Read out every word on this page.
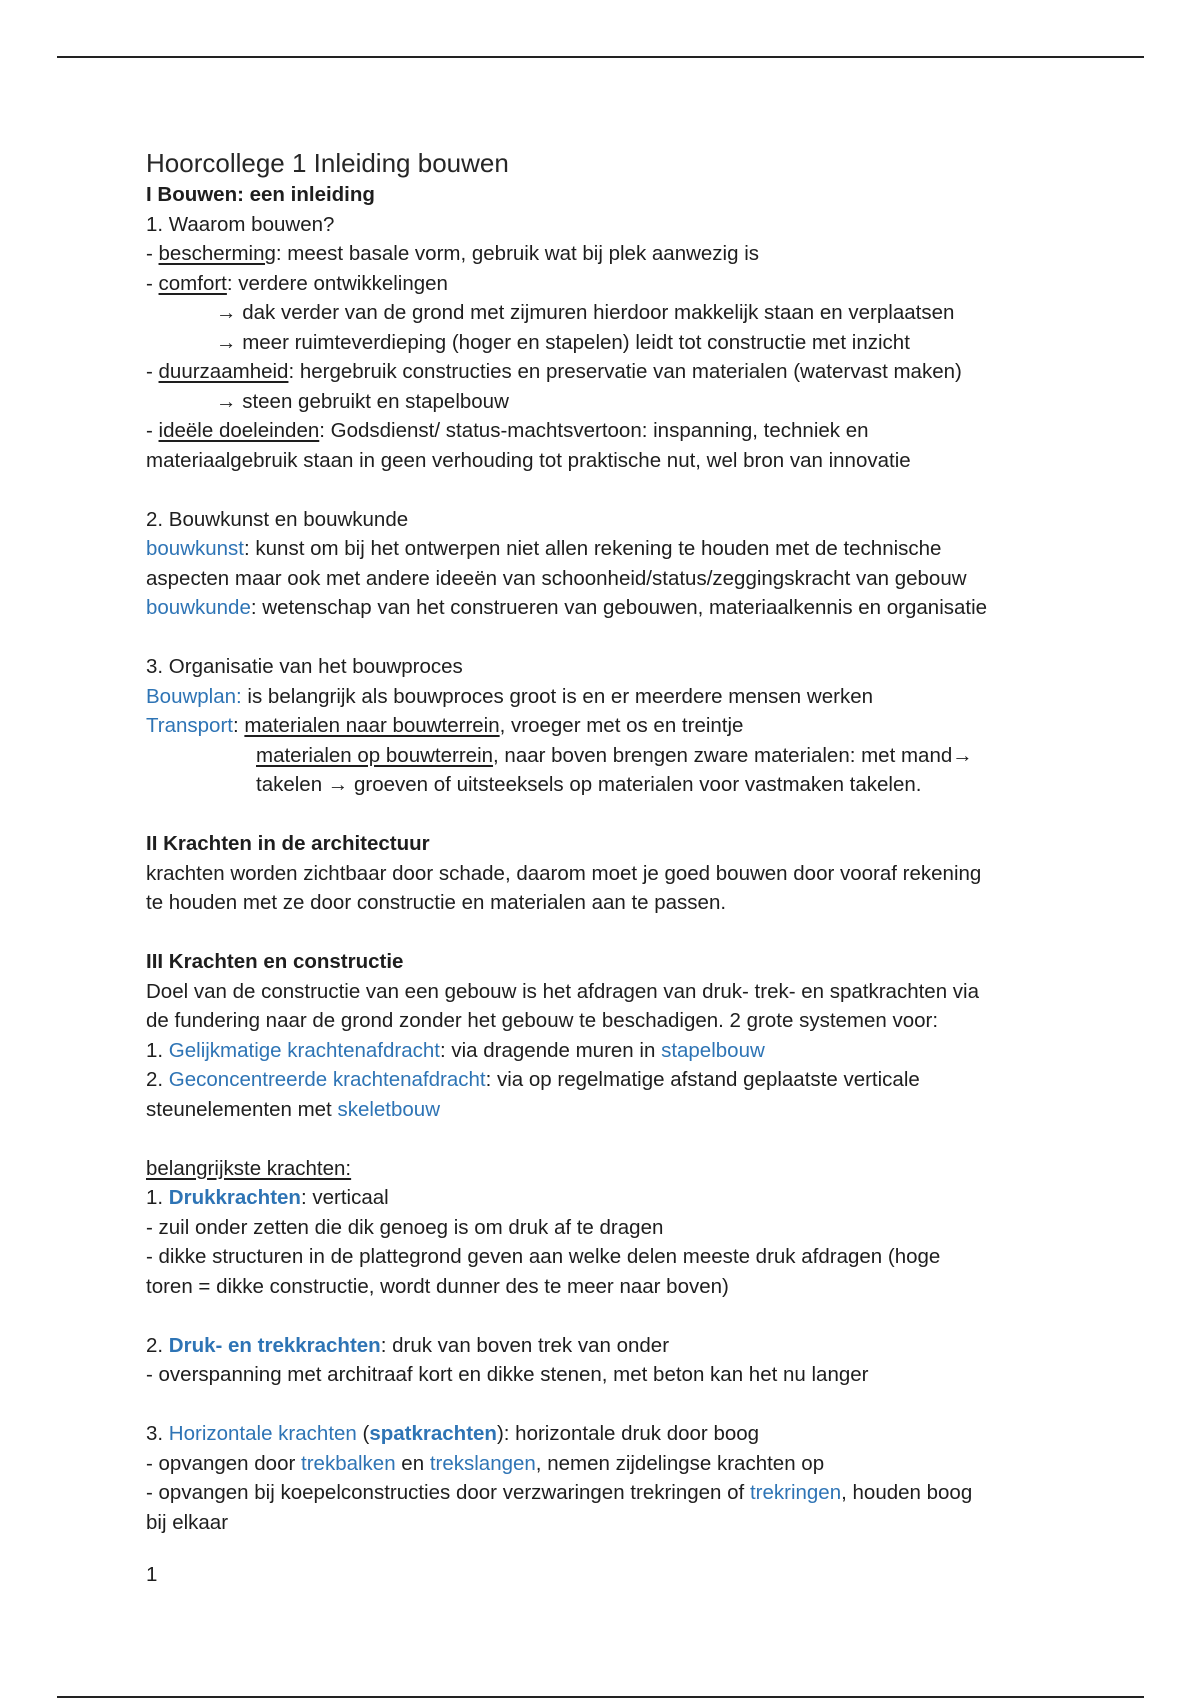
Hoorcollege 1 Inleiding bouwen

I Bouwen: een inleiding

1. Waarom bouwen?

- bescherming: meest basale vorm, gebruik wat bij plek aanwezig is

- comfort: verdere ontwikkelingen

→ dak verder van de grond met zijmuren hierdoor makkelijk staan en verplaatsen

→ meer ruimteverdieping (hoger en stapelen) leidt tot constructie met inzicht

- duurzaamheid: hergebruik constructies en preservatie van materialen (watervast maken)

→ steen gebruikt en stapelbouw

- ideële doeleinden: Godsdienst/ status-machtsvertoon: inspanning, techniek en

materiaalgebruik staan in geen verhouding tot praktische nut, wel bron van innovatie

2. Bouwkunst en bouwkunde

bouwkunst: kunst om bij het ontwerpen niet allen rekening te houden met de technische

aspecten maar ook met andere ideeën van schoonheid/status/zeggingskracht van gebouw

bouwkunde: wetenschap van het construeren van gebouwen, materiaalkennis en organisatie

3. Organisatie van het bouwproces

Bouwplan: is belangrijk als bouwproces groot is en er meerdere mensen werken

Transport: materialen naar bouwterrein, vroeger met os en treintje

materialen op bouwterrein, naar boven brengen zware materialen: met mand→

takelen → groeven of uitsteeksels op materialen voor vastmaken takelen.

II Krachten in de architectuur

krachten worden zichtbaar door schade, daarom moet je goed bouwen door vooraf rekening

te houden met ze door constructie en materialen aan te passen.

III Krachten en constructie

Doel van de constructie van een gebouw is het afdragen van druk- trek- en spatkrachten via

de fundering naar de grond zonder het gebouw te beschadigen. 2 grote systemen voor:

1. Gelijkmatige krachtenafdracht: via dragende muren in stapelbouw

2. Geconcentreerde krachtenafdracht: via op regelmatige afstand geplaatste verticale

steunelementen met skeletbouw

belangrijkste krachten:

1. Drukkrachten: verticaal

- zuil onder zetten die dik genoeg is om druk af te dragen

- dikke structuren in de plattegrond geven aan welke delen meeste druk afdragen (hoge

toren = dikke constructie, wordt dunner des te meer naar boven)

2. Druk- en trekkrachten: druk van boven trek van onder

- overspanning met architraaf kort en dikke stenen, met beton kan het nu langer

3. Horizontale krachten (spatkrachten): horizontale druk door boog

- opvangen door trekbalken en trekslangen, nemen zijdelingse krachten op

- opvangen bij koepelconstructies door verzwaringen trekringen of trekringen, houden boog

bij elkaar

1
